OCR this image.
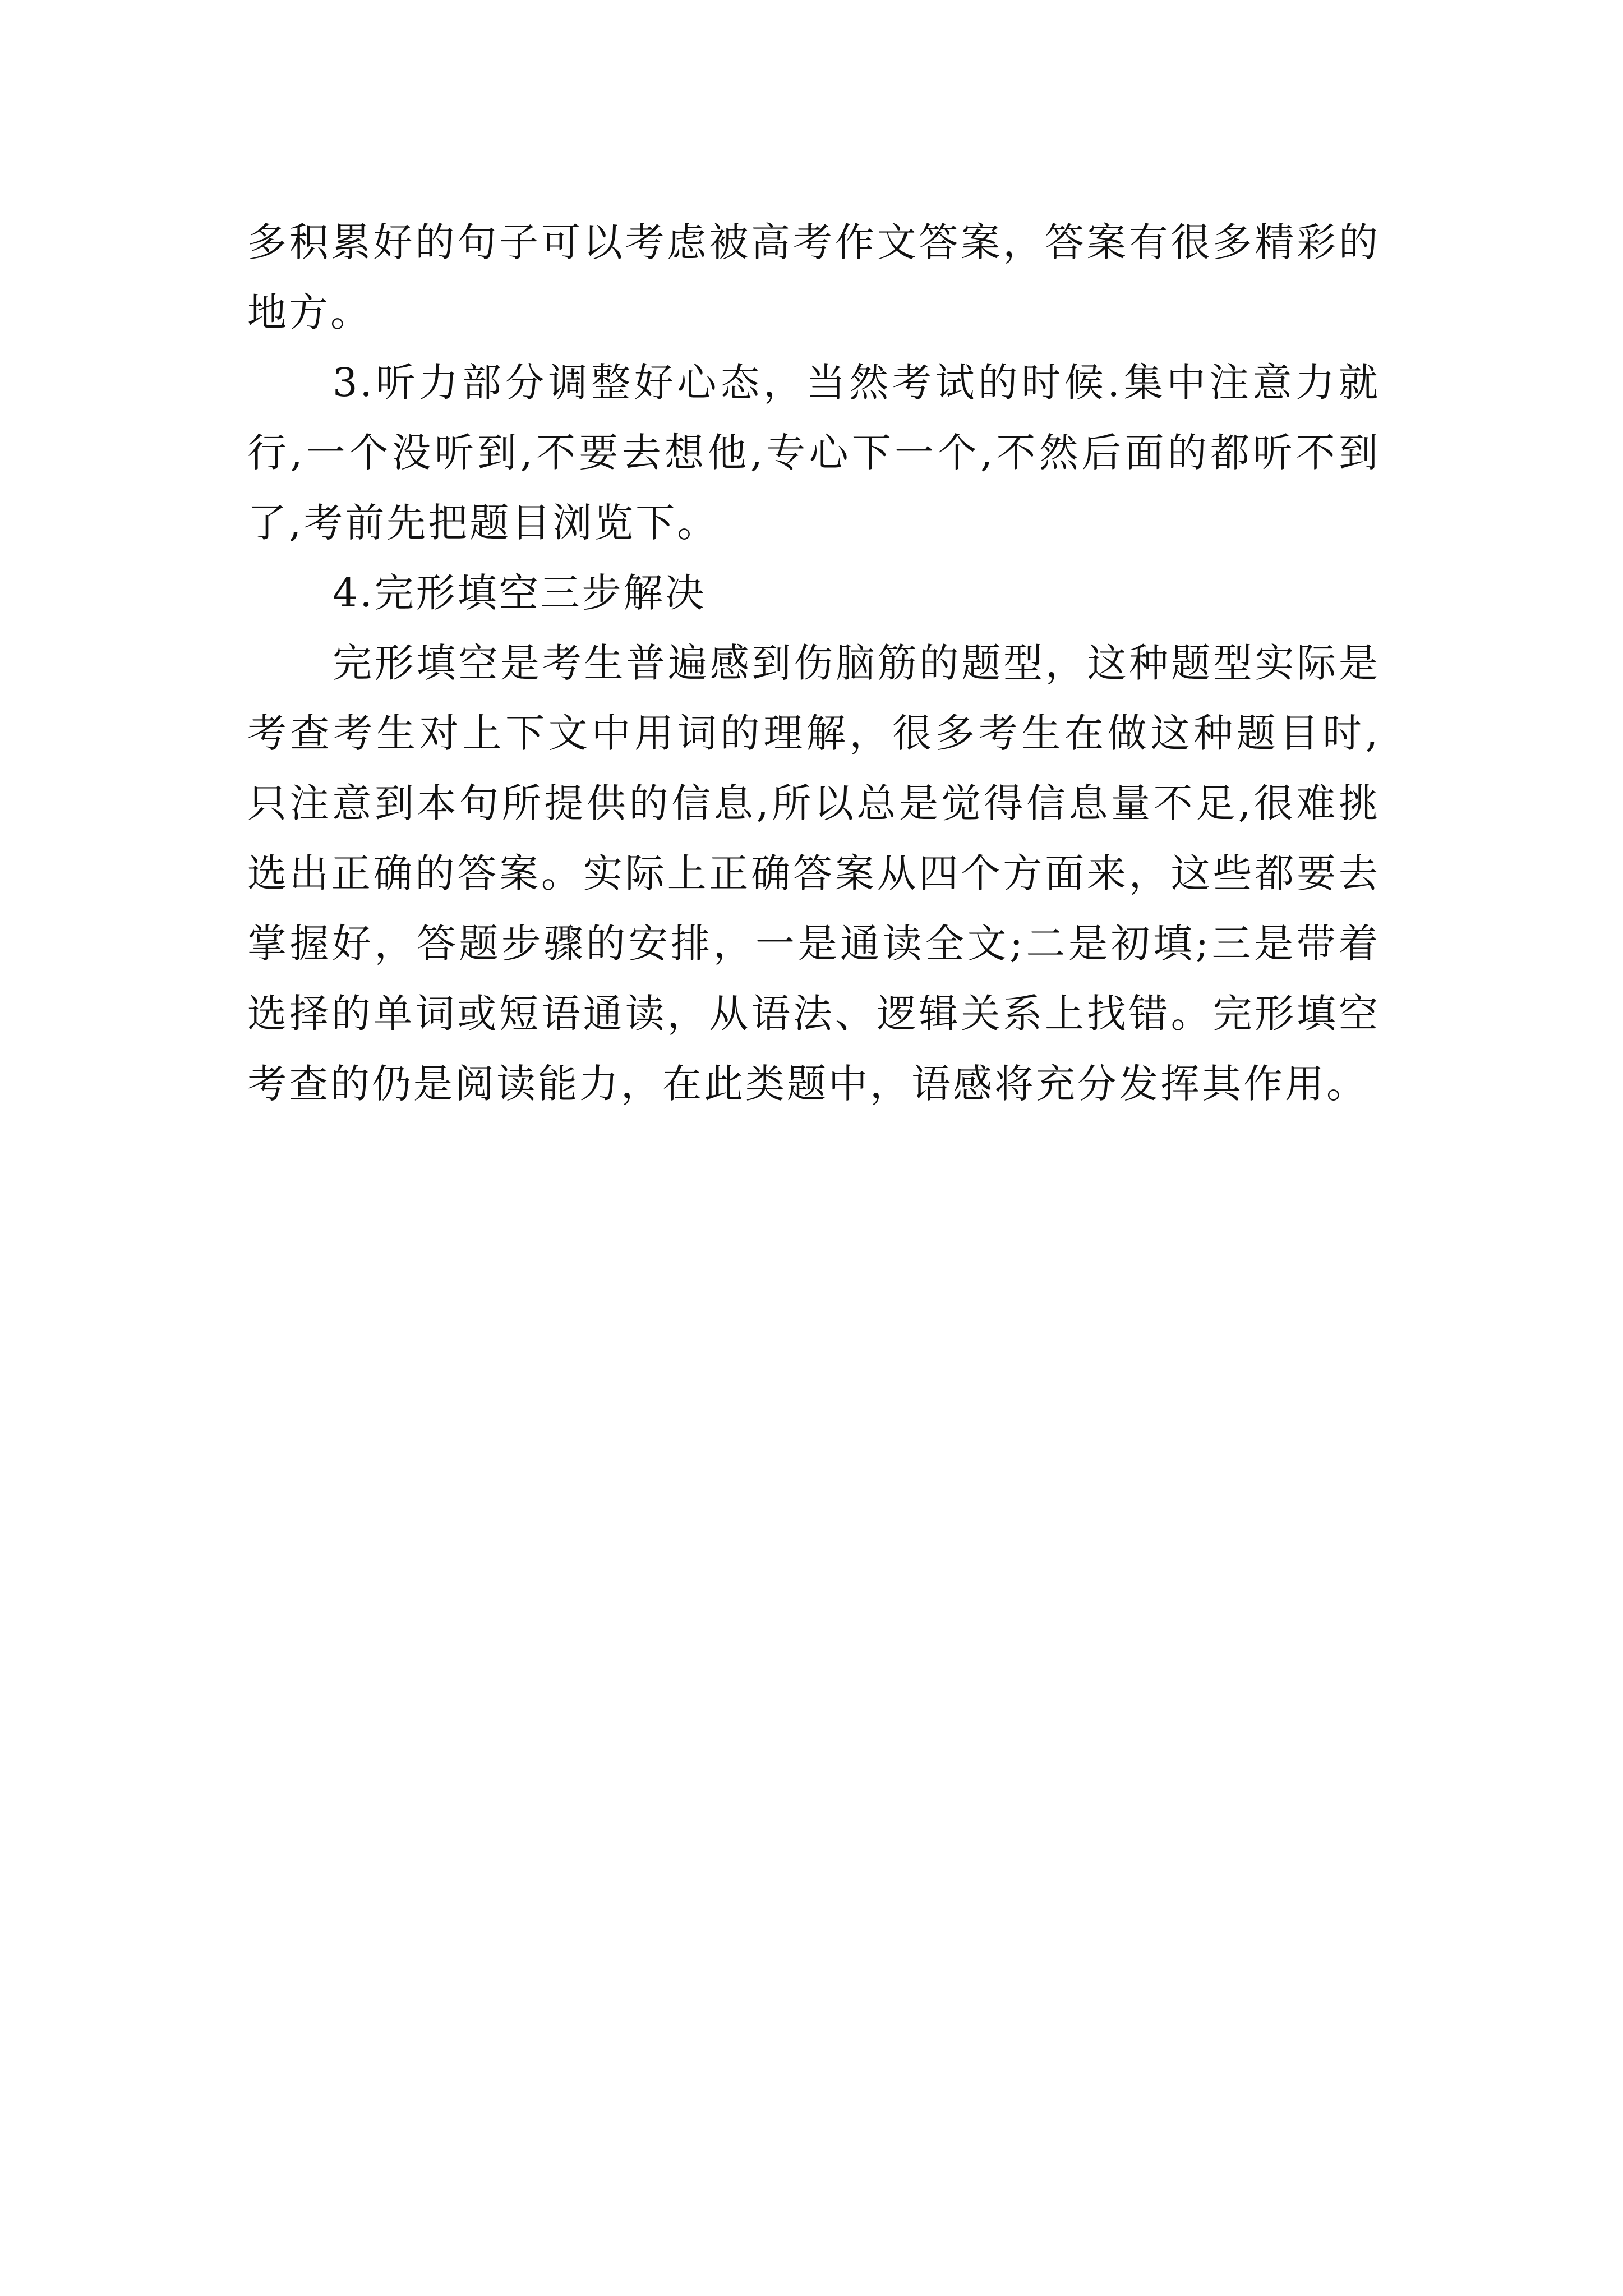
多积累好的句子可以考虑被高考作文答案，答案有很多精彩的地方。

3.听力部分调整好心态，当然考试的时候.集中注意力就行,一个没听到,不要去想他,专心下一个,不然后面的都听不到了,考前先把题目浏览下。

4.完形填空三步解决

完形填空是考生普遍感到伤脑筋的题型，这种题型实际是考查考生对上下文中用词的理解，很多考生在做这种题目时,只注意到本句所提供的信息,所以总是觉得信息量不足,很难挑选出正确的答案。实际上正确答案从四个方面来，这些都要去掌握好，答题步骤的安排，一是通读全文;二是初填;三是带着选择的单词或短语通读，从语法、逻辑关系上找错。完形填空考查的仍是阅读能力，在此类题中，语感将充分发挥其作用。
